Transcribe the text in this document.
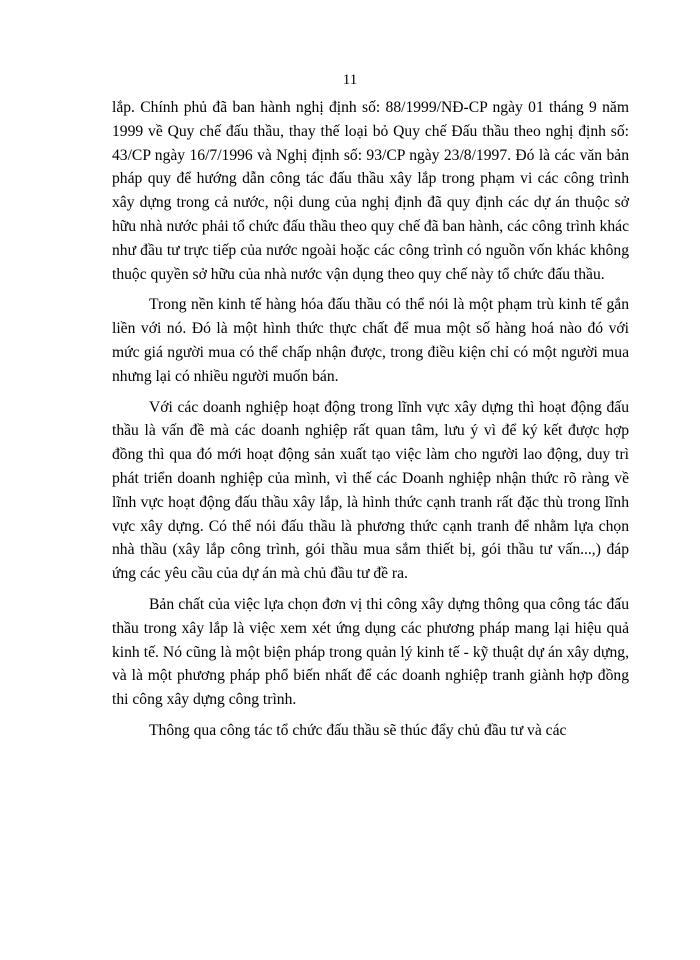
11

lắp. Chính phủ đã ban hành nghị định số: 88/1999/NĐ-CP ngày 01 tháng 9 năm 1999 về Quy chế đấu thầu, thay thế loại bỏ Quy chế Đấu thầu theo nghị định số: 43/CP ngày 16/7/1996 và Nghị định số: 93/CP ngày 23/8/1997. Đó là các văn bản pháp quy để hướng dẫn công tác đấu thầu xây lắp trong phạm vi các công trình xây dựng trong cả nước, nội dung của nghị định đã quy định các dự án thuộc sở hữu nhà nước phải tổ chức đấu thầu theo quy chế đã ban hành, các công trình khác như đầu tư trực tiếp của nước ngoài hoặc các công trình có nguồn vốn khác không thuộc quyền sở hữu của nhà nước vận dụng theo quy chế này tổ chức đấu thầu.

Trong nền kinh tế hàng hóa đấu thầu có thể nói là một phạm trù kinh tế gắn liền với nó. Đó là một hình thức thực chất để mua một số hàng hoá nào đó với mức giá người mua có thể chấp nhận được, trong điều kiện chỉ có một người mua nhưng lại có nhiều người muốn bán.

Với các doanh nghiệp hoạt động trong lĩnh vực xây dựng thì hoạt động đấu thầu là vấn đề mà các doanh nghiệp rất quan tâm, lưu ý vì để ký kết được hợp đồng thì qua đó mới hoạt động sản xuất tạo việc làm cho người lao động, duy trì phát triển doanh nghiệp của mình, vì thế các Doanh nghiệp nhận thức rõ ràng về lĩnh vực hoạt động đấu thầu xây lắp, là hình thức cạnh tranh rất đặc thù trong lĩnh vực xây dựng. Có thể nói đấu thầu là phương thức cạnh tranh để nhằm lựa chọn nhà thầu (xây lắp công trình, gói thầu mua sắm thiết bị, gói thầu tư vấn...,) đáp ứng các yêu cầu của dự án mà chủ đầu tư đề ra.

Bản chất của việc lựa chọn đơn vị thi công xây dựng thông qua công tác đấu thầu trong xây lắp là việc xem xét ứng dụng các phương pháp mang lại hiệu quả kinh tế. Nó cũng là một biện pháp trong quản lý kinh tế - kỹ thuật dự án xây dựng, và là một phương pháp phổ biến nhất để các doanh nghiệp tranh giành hợp đồng thi công xây dựng công trình.

Thông qua công tác tổ chức đấu thầu sẽ thúc đẩy chủ đầu tư và các
